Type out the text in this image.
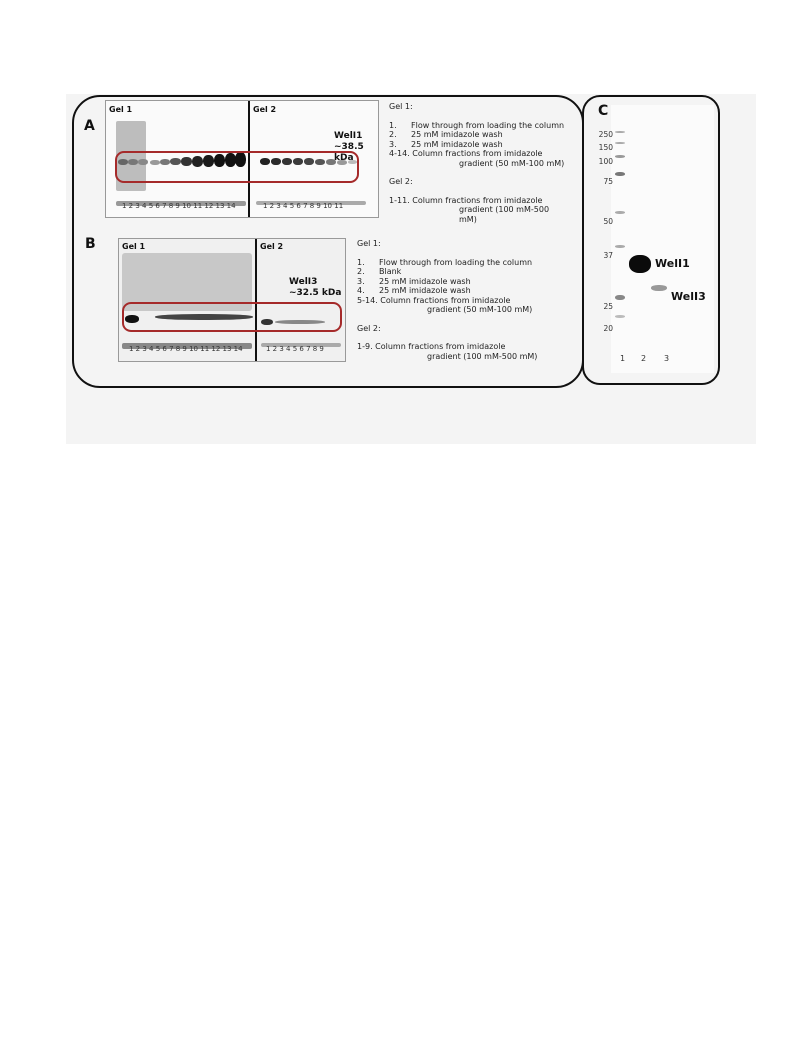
A
Gel 1	Gel 2
WelI1
~38.5 kDa
1 2 3 4 5 6 7 8 9 10 11 12 13 14	1 2 3 4 5 6 7 8 9 10 11
Gel 1:
1.	Flow through from loading the column
2.	25 mM imidazole wash
3.	25 mM imidazole wash
4-14. Column fractions from imidazole
gradient (50 mM-100 mM)
Gel 2:
1-11. Column fractions from imidazole
gradient (100 mM-500 mM)
B	Gel 1	Gel 2
WelI3
~32.5 kDa
1 2 3 4 5 6 7 8 9 10 11 12 13 14	1 2 3 4 5 6 7 8 9
Gel 1:
1.	Flow through from loading the column
2.	Blank
3.	25 mM imidazole wash
4.	25 mM imidazole wash
5-14. Column fractions from imidazole
gradient (50 mM-100 mM)
Gel 2:
1-9. Column fractions from imidazole
gradient (100 mM-500 mM)
C
250
150
100
75
50
37
25
20
WelI1
WelI3
1 2 3
